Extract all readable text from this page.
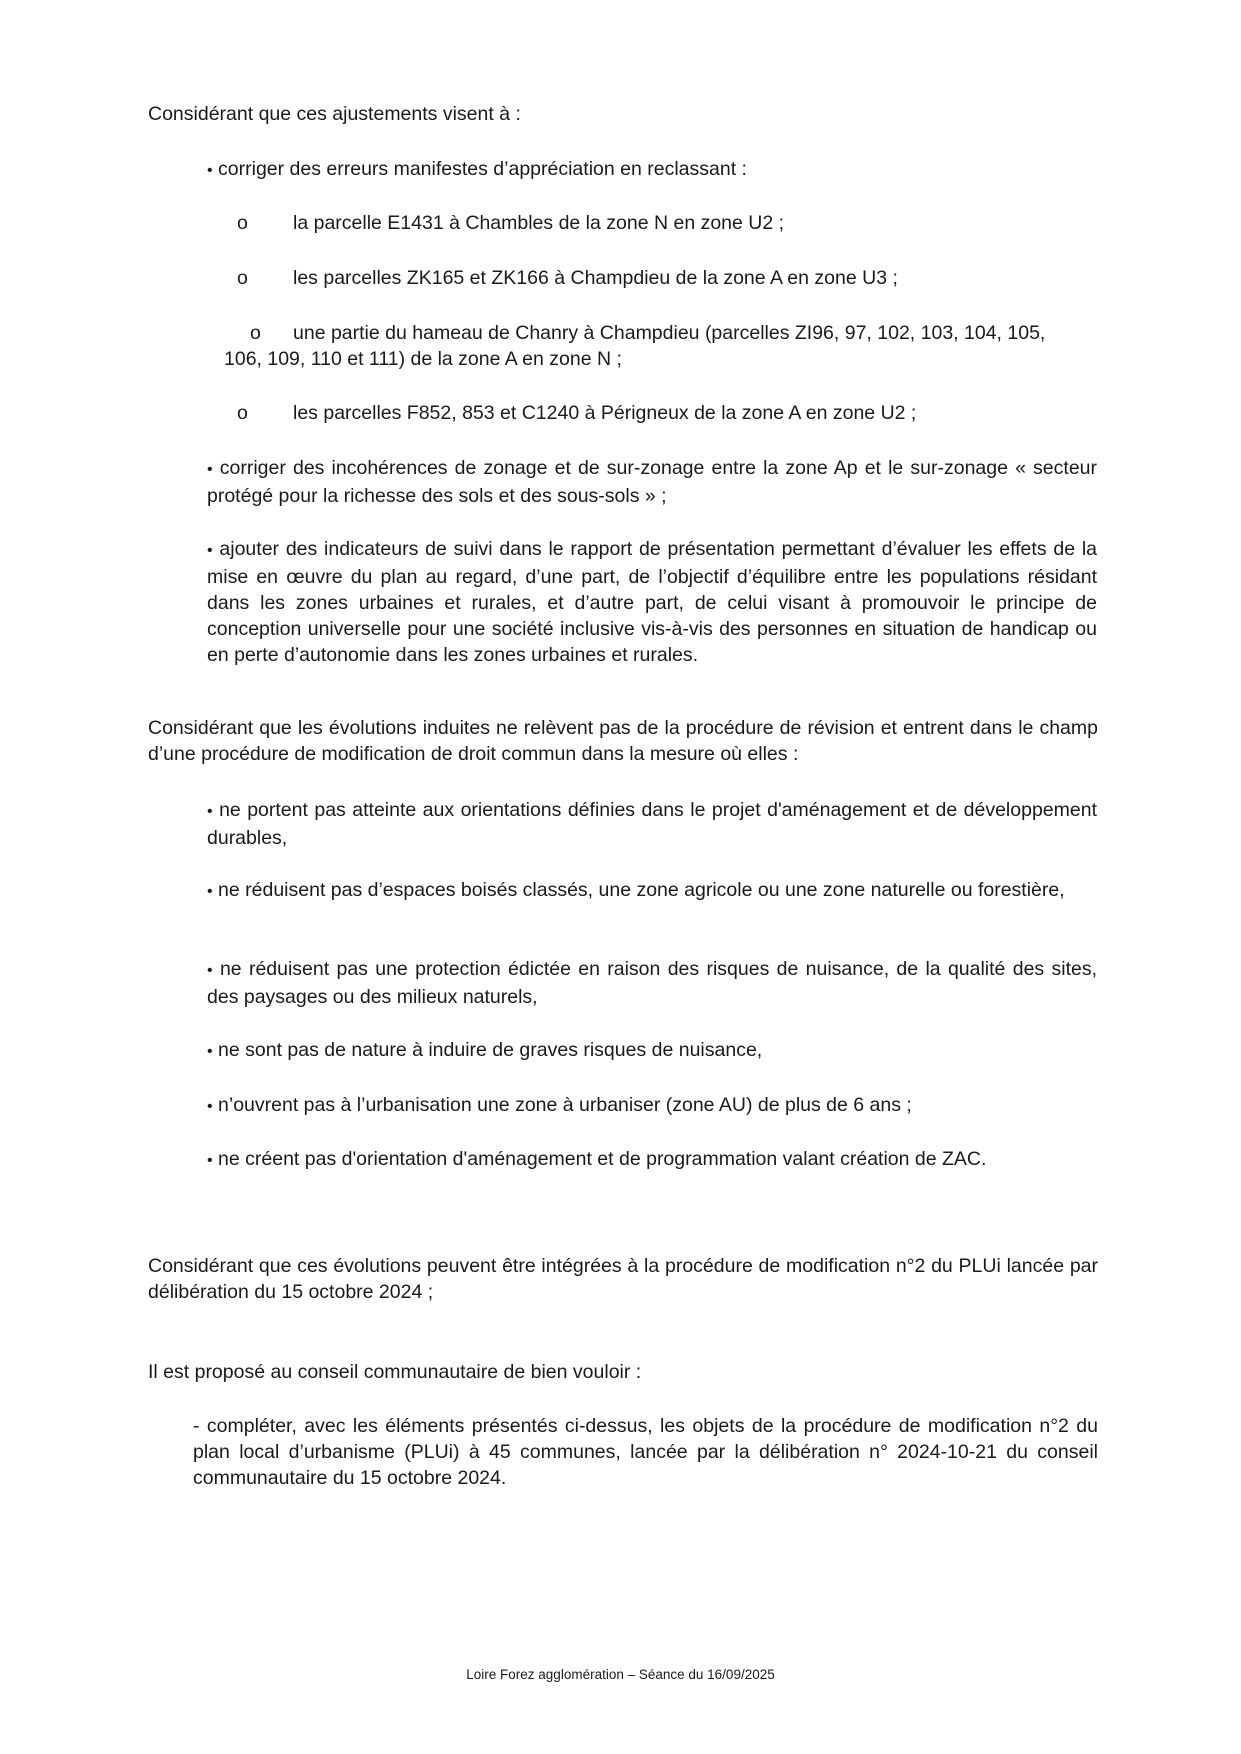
Considérant que ces ajustements visent à :

• corriger des erreurs manifestes d’appréciation en reclassant :

o la parcelle E1431 à Chambles de la zone N en zone U2 ;

o les parcelles ZK165 et ZK166 à Champdieu de la zone A en zone U3 ;

o une partie du hameau de Chanry à Champdieu (parcelles ZI96, 97, 102, 103, 104, 105, 106, 109, 110 et 111) de la zone A en zone N ;

o les parcelles F852, 853 et C1240 à Périgneux de la zone A en zone U2 ;

• corriger des incohérences de zonage et de sur-zonage entre la zone Ap et le sur-zonage « secteur protégé pour la richesse des sols et des sous-sols » ;

• ajouter des indicateurs de suivi dans le rapport de présentation permettant d’évaluer les effets de la mise en œuvre du plan au regard, d’une part, de l’objectif d’équilibre entre les populations résidant dans les zones urbaines et rurales, et d’autre part, de celui visant à promouvoir le principe de conception universelle pour une société inclusive vis-à-vis des personnes en situation de handicap ou en perte d’autonomie dans les zones urbaines et rurales.

Considérant que les évolutions induites ne relèvent pas de la procédure de révision et entrent dans le champ d’une procédure de modification de droit commun dans la mesure où elles :

• ne portent pas atteinte aux orientations définies dans le projet d'aménagement et de développement durables,

• ne réduisent pas d’espaces boisés classés, une zone agricole ou une zone naturelle ou forestière,

• ne réduisent pas une protection édictée en raison des risques de nuisance, de la qualité des sites, des paysages ou des milieux naturels,

• ne sont pas de nature à induire de graves risques de nuisance,

• n’ouvrent pas à l’urbanisation une zone à urbaniser (zone AU) de plus de 6 ans ;

• ne créent pas d'orientation d'aménagement et de programmation valant création de ZAC.

Considérant que ces évolutions peuvent être intégrées à la procédure de modification n°2 du PLUi lancée par délibération du 15 octobre 2024 ;

Il est proposé au conseil communautaire de bien vouloir :

- compléter, avec les éléments présentés ci-dessus, les objets de la procédure de modification n°2 du plan local d’urbanisme (PLUi) à 45 communes, lancée par la délibération n° 2024-10-21 du conseil communautaire du 15 octobre 2024.

Loire Forez agglomération – Séance du 16/09/2025
